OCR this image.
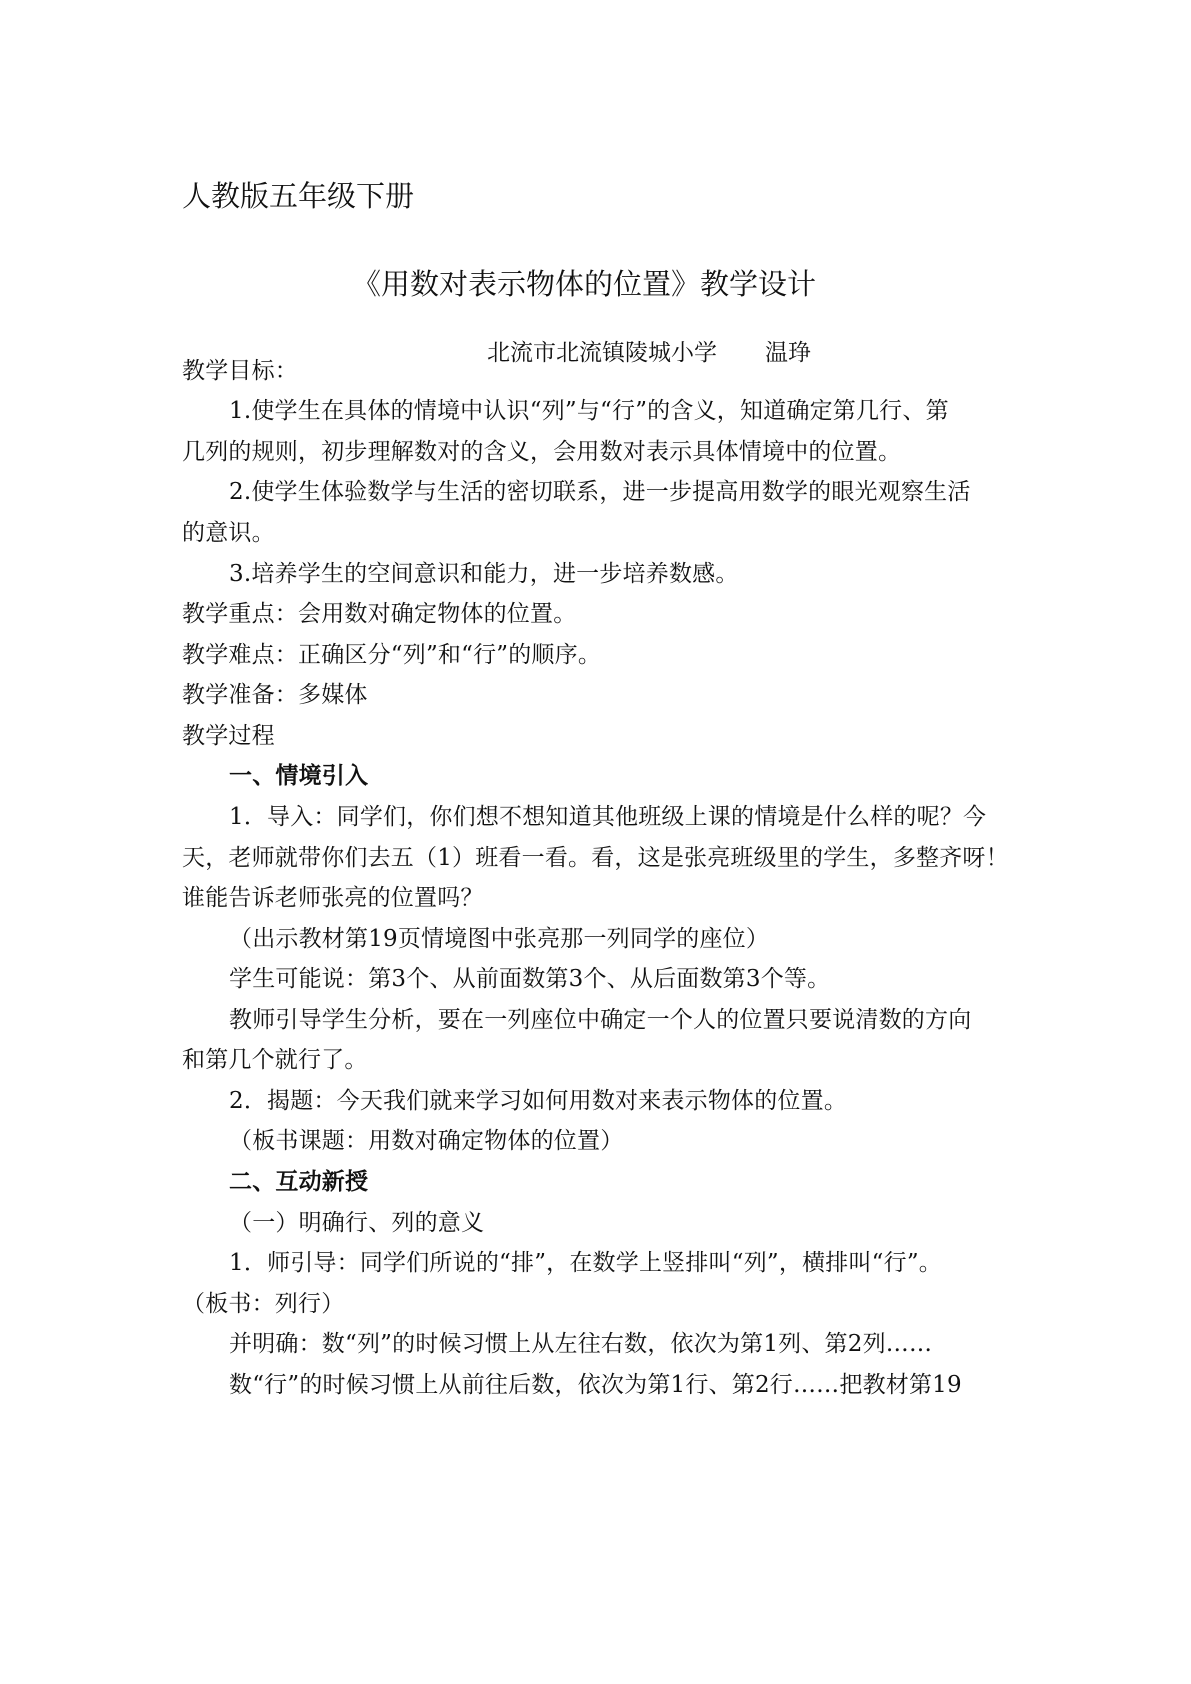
人教版五年级下册
《用数对表示物体的位置》教学设计
北流市北流镇陵城小学 温琤
教学目标：
1.使学生在具体的情境中认识“列”与“行”的含义，知道确定第几行、第
几列的规则，初步理解数对的含义，会用数对表示具体情境中的位置。
2.使学生体验数学与生活的密切联系，进一步提高用数学的眼光观察生活
的意识。
3.培养学生的空间意识和能力，进一步培养数感。
教学重点：会用数对确定物体的位置。
教学难点：正确区分“列”和“行”的顺序。
教学准备：多媒体
教学过程
一、情境引入
1．导入：同学们，你们想不想知道其他班级上课的情境是什么样的呢？今
天，老师就带你们去五（1）班看一看。看，这是张亮班级里的学生，多整齐呀！
谁能告诉老师张亮的位置吗？
（出示教材第19页情境图中张亮那一列同学的座位）
学生可能说：第3个、从前面数第3个、从后面数第3个等。
教师引导学生分析，要在一列座位中确定一个人的位置只要说清数的方向
和第几个就行了。
2．揭题：今天我们就来学习如何用数对来表示物体的位置。
（板书课题：用数对确定物体的位置）
二、互动新授
（一）明确行、列的意义
1．师引导：同学们所说的“排”，在数学上竖排叫“列”，横排叫“行”。
（板书：列行）
并明确：数“列”的时候习惯上从左往右数，依次为第1列、第2列……
数“行”的时候习惯上从前往后数，依次为第1行、第2行……把教材第19
